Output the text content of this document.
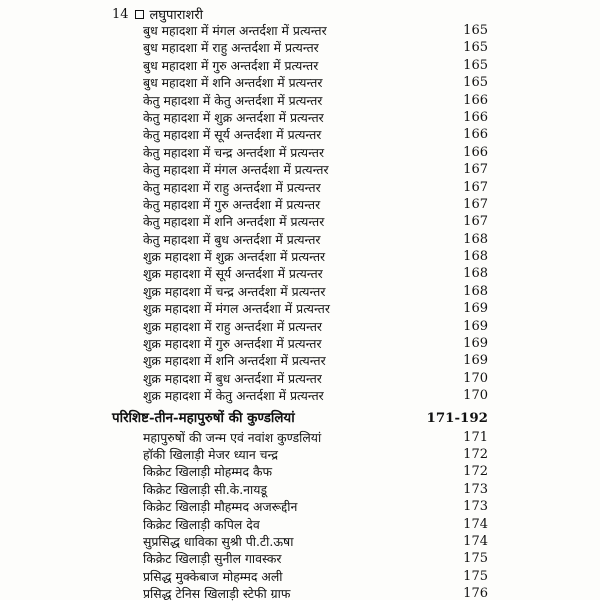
14 लघुपाराशरी
बुध महादशा में मंगल अन्तर्दशा में प्रत्यन्तर	165
बुध महादशा में राहु अन्तर्दशा में प्रत्यन्तर	165
बुध महादशा में गुरु अन्तर्दशा में प्रत्यन्तर	165
बुध महादशा में शनि अन्तर्दशा में प्रत्यन्तर	165
केतु महादशा में केतु अन्तर्दशा में प्रत्यन्तर	166
केतु महादशा में शुक्र अन्तर्दशा में प्रत्यन्तर	166
केतु महादशा में सूर्य अन्तर्दशा में प्रत्यन्तर	166
केतु महादशा में चन्द्र अन्तर्दशा में प्रत्यन्तर	166
केतु महादशा में मंगल अन्तर्दशा में प्रत्यन्तर	167
केतु महादशा में राहु अन्तर्दशा में प्रत्यन्तर	167
केतु महादशा में गुरु अन्तर्दशा में प्रत्यन्तर	167
केतु महादशा में शनि अन्तर्दशा में प्रत्यन्तर	167
केतु महादशा में बुध अन्तर्दशा में प्रत्यन्तर	168
शुक्र महादशा में शुक्र अन्तर्दशा में प्रत्यन्तर	168
शुक्र महादशा में सूर्य अन्तर्दशा में प्रत्यन्तर	168
शुक्र महादशा में चन्द्र अन्तर्दशा में प्रत्यन्तर	168
शुक्र महादशा में मंगल अन्तर्दशा में प्रत्यन्तर	169
शुक्र महादशा में राहु अन्तर्दशा में प्रत्यन्तर	169
शुक्र महादशा में गुरु अन्तर्दशा में प्रत्यन्तर	169
शुक्र महादशा में शनि अन्तर्दशा में प्रत्यन्तर	169
शुक्र महादशा में बुध अन्तर्दशा में प्रत्यन्तर	170
शुक्र महादशा में केतु अन्तर्दशा में प्रत्यन्तर	170
परिशिष्ट-तीन-महापुरुषों की कुण्डलियां	171-192
महापुरुषों की जन्म एवं नवांश कुण्डलियां	171
हॉकी खिलाड़ी मेजर ध्यान चन्द्र	172
किक्रेट खिलाड़ी मोहम्मद कैफ	172
किक्रेट खिलाड़ी सी.के.नायडू	173
किक्रेट खिलाड़ी मौहम्मद अजरूद्दीन	173
किक्रेट खिलाड़ी कपिल देव	174
सुप्रसिद्ध धाविका सुश्री पी.टी.ऊषा	174
किक्रेट खिलाड़ी सुनील गावस्कर	175
प्रसिद्ध मुक्केबाज मोहम्मद अली	175
प्रसिद्ध टेनिस खिलाड़ी स्टेफी ग्राफ	176
